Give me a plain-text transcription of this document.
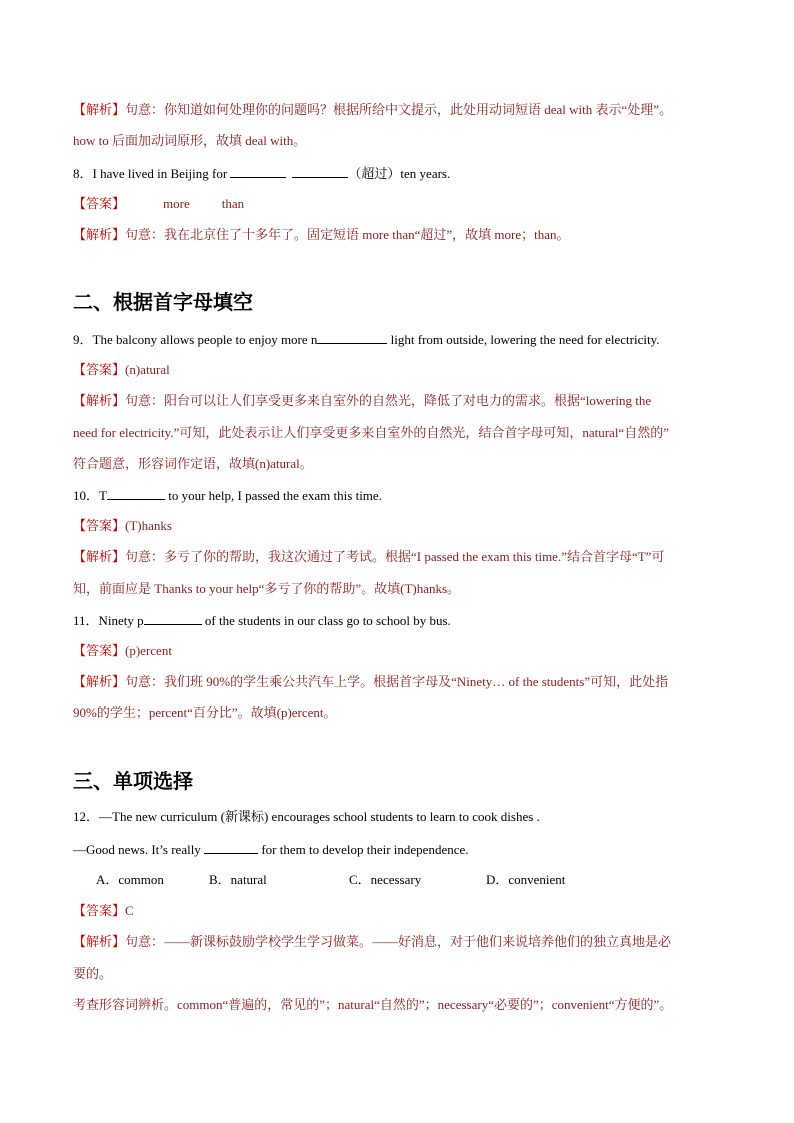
【解析】句意：你知道如何处理你的问题吗？根据所给中文提示，此处用动词短语 deal with 表示“处理”。
how to 后面加动词原形，故填 deal with。
8．I have lived in Beijing for	（超过）ten years.
【答案】	more than
【解析】句意：我在北京住了十多年了。固定短语 more than“超过”，故填 more；than。
二、根据首字母填空
9．The balcony allows people to enjoy more n	light from outside, lowering the need for electricity.
【答案】(n)atural
【解析】句意：阳台可以让人们享受更多来自室外的自然光，降低了对电力的需求。根据“lowering the
need for electricity.”可知，此处表示让人们享受更多来自室外的自然光，结合首字母可知，natural“自然的”
符合题意，形容词作定语，故填(n)atural。
10．T	to your help, I passed the exam this time.
【答案】(T)hanks
【解析】句意：多亏了你的帮助，我这次通过了考试。根据“I passed the exam this time.”结合首字母“T”可
知，前面应是 Thanks to your help“多亏了你的帮助”。故填(T)hanks。
11．Ninety p	of the students in our class go to school by bus.
【答案】(p)ercent
【解析】句意：我们班 90%的学生乘公共汽车上学。根据首字母及“Ninety… of the students”可知，此处指
90%的学生；percent“百分比”。故填(p)ercent。
三、单项选择
12．—The new curriculum (新课标) encourages school students to learn to cook dishes .
—Good news. It’s really	for them to develop their independence.
A．common	B．natural	C．necessary	D．convenient
【答案】C
【解析】句意：——新课标鼓励学校学生学习做菜。——好消息，对于他们来说培养他们的独立真地是必
要的。
考查形容词辨析。common“普遍的，常见的”；natural“自然的”；necessary“必要的”；convenient“方便的”。
